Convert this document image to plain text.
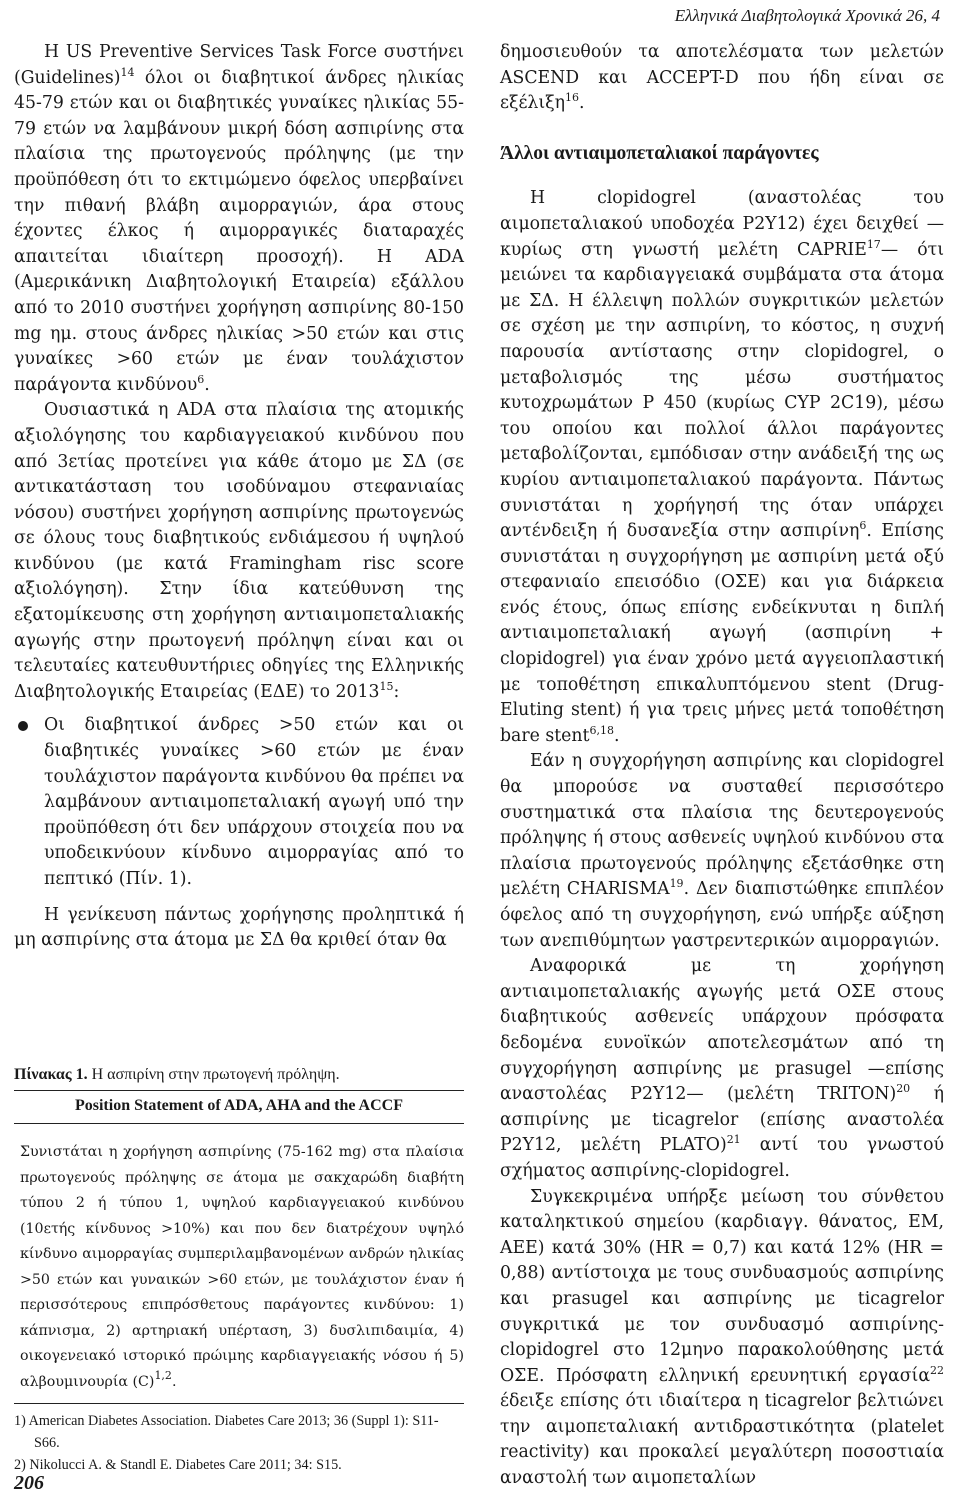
Ελληνικά Διαβητολογικά Χρονικά 26, 4

Η US Preventive Services Task Force συστήνει (Guidelines)$^{14}$ όλοι οι διαβητικοί άνδρες ηλικίας 45-79 ετών και οι διαβητικές γυναίκες ηλικίας 55-79 ετών να λαμβάνουν μικρή δόση ασπιρίνης στα πλαίσια της πρωτογενούς πρόληψης (με την προϋπόθεση ότι το εκτιμώμενο όφελος υπερβαίνει την πιθανή βλάβη αιμορραγιών, άρα στους έχοντες έλκος ή αιμορραγικές διαταραχές απαιτείται ιδιαίτερη προσοχή). Η ADA (Αμερικάνικη Διαβητολογική Εταιρεία) εξάλλου από το 2010 συστήνει χορήγηση ασπιρίνης 80-150 mg ημ. στους άνδρες ηλικίας >50 ετών και στις γυναίκες >60 ετών με έναν τουλάχιστον παράγοντα κινδύνου$^6$.

Ουσιαστικά η ADA στα πλαίσια της ατομικής αξιολόγησης του καρδιαγγειακού κινδύνου που από 3ετίας προτείνει για κάθε άτομο με ΣΔ (σε αντικατάσταση του ισοδύναμου στεφανιαίας νόσου) συστήνει χορήγηση ασπιρίνης πρωτογενώς σε όλους τους διαβητικούς ενδιάμεσου ή υψηλού κινδύνου (με κατά Framingham risc score αξιολόγηση). Στην ίδια κατεύθυνση της εξατομίκευσης στη χορήγηση αντιαιμοπεταλιακής αγωγής στην πρωτογενή πρόληψη είναι και οι τελευταίες κατευθυντήριες οδηγίες της Ελληνικής Διαβητολογικής Εταιρείας (ΕΔΕ) το 2013$^{15}$:

Οι διαβητικοί άνδρες >50 ετών και οι διαβητικές γυναίκες >60 ετών με έναν τουλάχιστον παράγοντα κινδύνου θα πρέπει να λαμβάνουν αντιαιμοπεταλιακή αγωγή υπό την προϋπόθεση ότι δεν υπάρχουν στοιχεία που να υποδεικνύουν κίνδυνο αιμορραγίας από το πεπτικό (Πίν. 1).

Η γενίκευση πάντως χορήγησης προληπτικά ή μη ασπιρίνης στα άτομα με ΣΔ θα κριθεί όταν θα

Πίνακας 1. Η ασπιρίνη στην πρωτογενή πρόληψη.
Position Statement of ADA, AHA and the ACCF
Συνιστάται η χορήγηση ασπιρίνης (75-162 mg) στα πλαίσια πρωτογενούς πρόληψης σε άτομα με σακχαρώδη διαβήτη τύπου 2 ή τύπου 1, υψηλού καρδιαγγειακού κινδύνου (10ετής κίνδυνος >10%) και που δεν διατρέχουν υψηλό κίνδυνο αιμορραγίας συμπεριλαμβανομένων ανδρών ηλικίας >50 ετών και γυναικών >60 ετών, με τουλάχιστον έναν ή περισσότερους επιπρόσθετους παράγοντες κινδύνου: 1) κάπνισμα, 2) αρτηριακή υπέρταση, 3) δυσλιπιδαιμία, 4) οικογενειακό ιστορικό πρώιμης καρδιαγγειακής νόσου ή 5) αλβουμινουρία $(C)^{1,2}$.
1) American Diabetes Association. Diabetes Care 2013; 36 (Suppl 1): S11-S66.
2) Nikolucci A. & Standl E. Diabetes Care 2011; 34: S15.

δημοσιευθούν τα αποτελέσματα των μελετών ASCEND και ACCEPT-D που ήδη είναι σε εξέλιξη$^{16}$.

Άλλοι αντιαιμοπεταλιακοί παράγοντες

Η clopidogrel (αναστολέας του αιμοπεταλιακού υποδοχέα P2Y12) έχει δειχθεί —κυρίως στη γνωστή μελέτη CAPRIE$^{17}$— ότι μειώνει τα καρδιαγγειακά συμβάματα στα άτομα με ΣΔ. Η έλλειψη πολλών συγκριτικών μελετών σε σχέση με την ασπιρίνη, το κόστος, η συχνή παρουσία αντίστασης στην clopidogrel, ο μεταβολισμός της μέσω συστήματος κυτοχρωμάτων P 450 (κυρίως CYP 2C19), μέσω του οποίου και πολλοί άλλοι παράγοντες μεταβολίζονται, εμπόδισαν στην ανάδειξή της ως κυρίου αντιαιμοπεταλιακού παράγοντα. Πάντως συνιστάται η χορήγησή της όταν υπάρχει αντένδειξη ή δυσανεξία στην ασπιρίνη$^6$. Επίσης συνιστάται η συγχορήγηση με ασπιρίνη μετά οξύ στεφανιαίο επεισόδιο (ΟΣΕ) και για διάρκεια ενός έτους, όπως επίσης ενδείκνυται η διπλή αντιαιμοπεταλιακή αγωγή (ασπιρίνη + clopidogrel) για έναν χρόνο μετά αγγειοπλαστική με τοποθέτηση επικαλυπτόμενου stent (Drug-Eluting stent) ή για τρεις μήνες μετά τοποθέτηση bare stent$^{6,18}$.

Εάν η συγχορήγηση ασπιρίνης και clopidogrel θα μπορούσε να συσταθεί περισσότερο συστηματικά στα πλαίσια της δευτερογενούς πρόληψης ή στους ασθενείς υψηλού κινδύνου στα πλαίσια πρωτογενούς πρόληψης εξετάσθηκε στη μελέτη CHARISMA$^{19}$. Δεν διαπιστώθηκε επιπλέον όφελος από τη συγχορήγηση, ενώ υπήρξε αύξηση των ανεπιθύμητων γαστρεντερικών αιμορραγιών.

Αναφορικά με τη χορήγηση αντιαιμοπεταλιακής αγωγής μετά ΟΣΕ στους διαβητικούς ασθενείς υπάρχουν πρόσφατα δεδομένα ευνοϊκών αποτελεσμάτων από τη συγχορήγηση ασπιρίνης με prasugel —επίσης αναστολέας P2Y12— (μελέτη TRITON)$^{20}$ ή ασπιρίνης με ticagrelor (επίσης αναστολέα P2Y12, μελέτη PLATO)$^{21}$ αντί του γνωστού σχήματος ασπιρίνης-clopidogrel.

Συγκεκριμένα υπήρξε μείωση του σύνθετου καταληκτικού σημείου (καρδιαγγ. θάνατος, ΕΜ, ΑΕΕ) κατά 30% (HR = 0,7) και κατά 12% (HR = 0,88) αντίστοιχα με τους συνδυασμούς ασπιρίνης και prasugel και ασπιρίνης με ticagrelor συγκριτικά με τον συνδυασμό ασπιρίνης-clopidogrel στο 12μηνο παρακολούθησης μετά ΟΣΕ. Πρόσφατη ελληνική ερευνητική εργασία$^{22}$ έδειξε επίσης ότι ιδιαίτερα η ticagrelor βελτιώνει την αιμοπεταλιακή αντιδραστικότητα (platelet reactivity) και προκαλεί μεγαλύτερη ποσοστιαία αναστολή των αιμοπεταλίων

206
